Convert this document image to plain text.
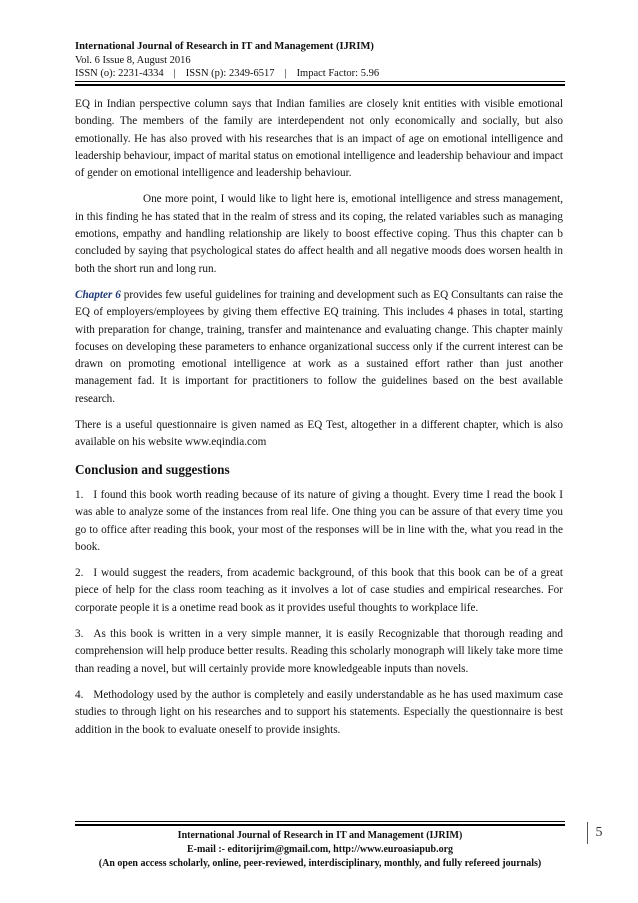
International Journal of Research in IT and Management (IJRIM)
Vol. 6 Issue 8, August 2016
ISSN (o): 2231-4334 | ISSN (p): 2349-6517 | Impact Factor: 5.96

EQ in Indian perspective column says that Indian families are closely knit entities with visible emotional bonding. The members of the family are interdependent not only economically and socially, but also emotionally. He has also proved with his researches that is an impact of age on emotional intelligence and leadership behaviour, impact of marital status on emotional intelligence and leadership behaviour and impact of gender on emotional intelligence and leadership behaviour.

One more point, I would like to light here is, emotional intelligence and stress management, in this finding he has stated that in the realm of stress and its coping, the related variables such as managing emotions, empathy and handling relationship are likely to boost effective coping. Thus this chapter can b concluded by saying that psychological states do affect health and all negative moods does worsen health in both the short run and long run.

Chapter 6 provides few useful guidelines for training and development such as EQ Consultants can raise the EQ of employers/employees by giving them effective EQ training. This includes 4 phases in total, starting with preparation for change, training, transfer and maintenance and evaluating change. This chapter mainly focuses on developing these parameters to enhance organizational success only if the current interest can be drawn on promoting emotional intelligence at work as a sustained effort rather than just another management fad. It is important for practitioners to follow the guidelines based on the best available research.

There is a useful questionnaire is given named as EQ Test, altogether in a different chapter, which is also available on his website www.eqindia.com

Conclusion and suggestions

1. I found this book worth reading because of its nature of giving a thought. Every time I read the book I was able to analyze some of the instances from real life. One thing you can be assure of that every time you go to office after reading this book, your most of the responses will be in line with the, what you read in the book.

2. I would suggest the readers, from academic background, of this book that this book can be of a great piece of help for the class room teaching as it involves a lot of case studies and empirical researches. For corporate people it is a onetime read book as it provides useful thoughts to workplace life.

3. As this book is written in a very simple manner, it is easily Recognizable that thorough reading and comprehension will help produce better results. Reading this scholarly monograph will likely take more time than reading a novel, but will certainly provide more knowledgeable inputs than novels.

4. Methodology used by the author is completely and easily understandable as he has used maximum case studies to through light on his researches and to support his statements. Especially the questionnaire is best addition in the book to evaluate oneself to provide insights.

International Journal of Research in IT and Management (IJRIM)
E-mail :- editorijrim@gmail.com, http://www.euroasiapub.org
(An open access scholarly, online, peer-reviewed, interdisciplinary, monthly, and fully refereed journals)
5
